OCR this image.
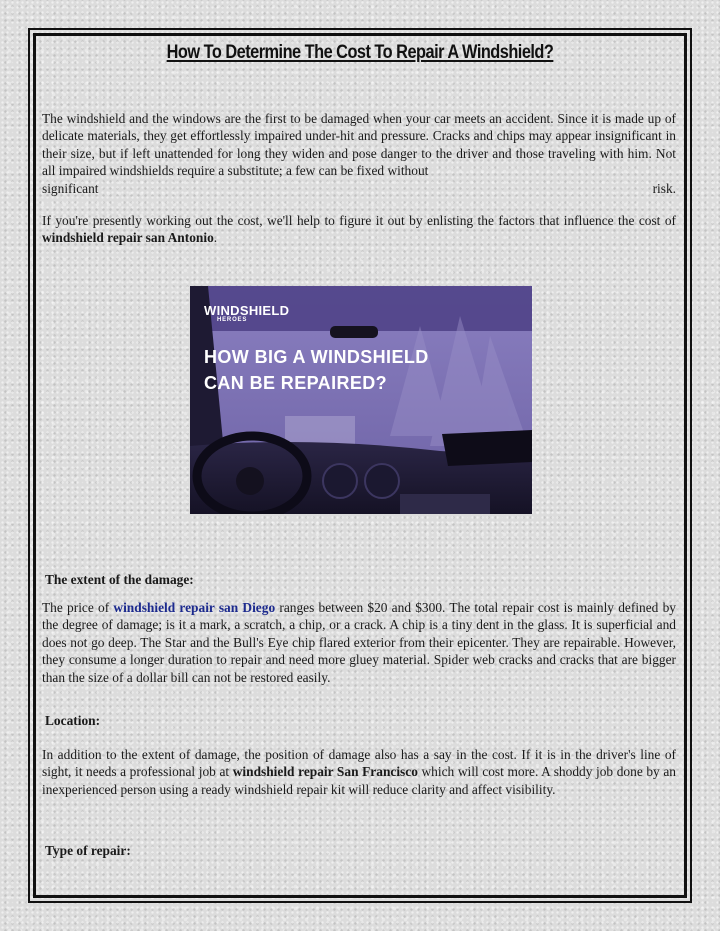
How To Determine The Cost To Repair A Windshield?
The windshield and the windows are the first to be damaged when your car meets an accident. Since it is made up of delicate materials, they get effortlessly impaired under-hit and pressure. Cracks and chips may appear insignificant in their size, but if left unattended for long they widen and pose danger to the driver and those traveling with him. Not all impaired windshields require a substitute; a few can be fixed without
significant	risk.

If you're presently working out the cost, we'll help to figure it out by enlisting the factors that influence the cost of windshield repair san Antonio.

WINDSHIELD
HEROES
HOW BIG A WINDSHIELD
CAN BE REPAIRED?

The extent of the damage:

The price of windshield repair san Diego ranges between $20 and $300. The total repair cost is mainly defined by the degree of damage; is it a mark, a scratch, a chip, or a crack. A chip is a tiny dent in the glass. It is superficial and does not go deep. The Star and the Bull's Eye chip flared exterior from their epicenter. They are repairable. However, they consume a longer duration to repair and need more gluey material. Spider web cracks and cracks that are bigger than the size of a dollar bill can not be restored easily.

Location:

In addition to the extent of damage, the position of damage also has a say in the cost. If it is in the driver's line of sight, it needs a professional job at windshield repair San Francisco which will cost more. A shoddy job done by an inexperienced person using a ready windshield repair kit will reduce clarity and affect visibility.

Type of repair:
